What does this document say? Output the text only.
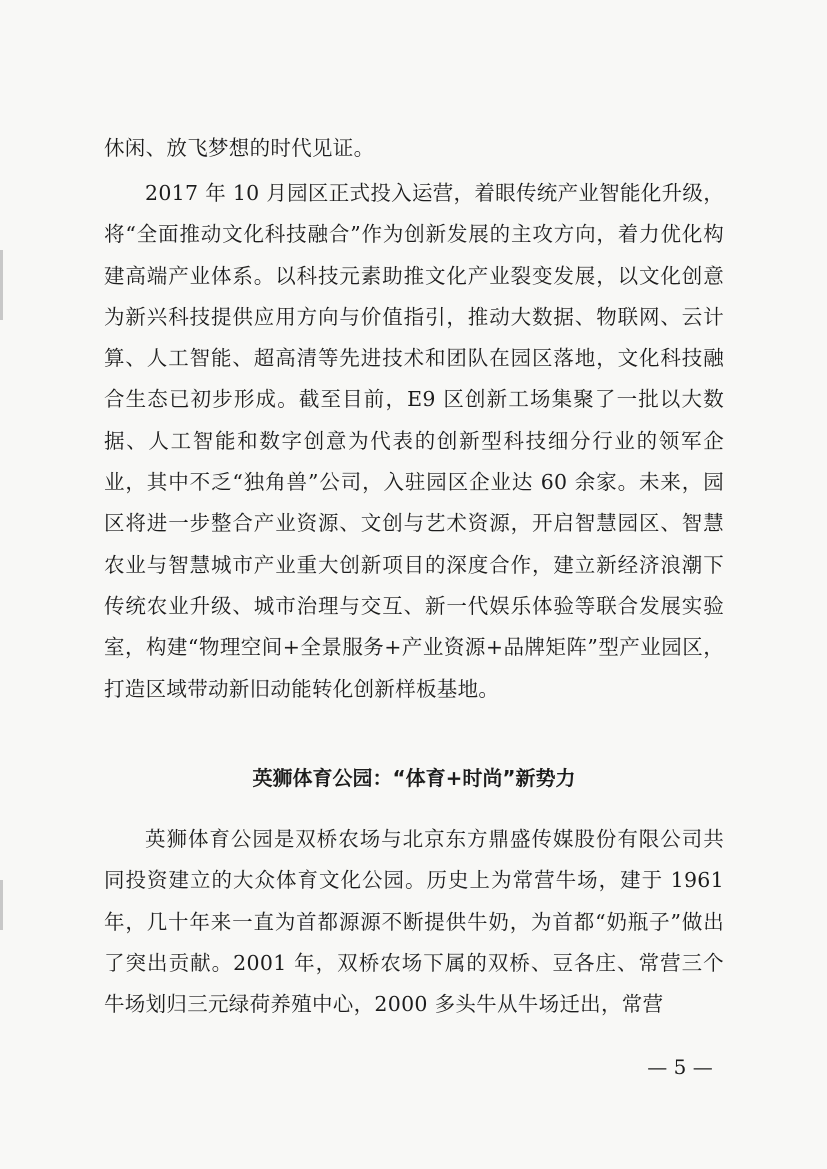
休闲、放飞梦想的时代见证。

2017 年 10 月园区正式投入运营，着眼传统产业智能化升级，将“全面推动文化科技融合”作为创新发展的主攻方向，着力优化构建高端产业体系。以科技元素助推文化产业裂变发展，以文化创意为新兴科技提供应用方向与价值指引，推动大数据、物联网、云计算、人工智能、超高清等先进技术和团队在园区落地，文化科技融合生态已初步形成。截至目前，E9 区创新工场集聚了一批以大数据、人工智能和数字创意为代表的创新型科技细分行业的领军企业，其中不乏“独角兽”公司，入驻园区企业达 60 余家。未来，园区将进一步整合产业资源、文创与艺术资源，开启智慧园区、智慧农业与智慧城市产业重大创新项目的深度合作，建立新经济浪潮下传统农业升级、城市治理与交互、新一代娱乐体验等联合发展实验室，构建“物理空间+全景服务+产业资源+品牌矩阵”型产业园区，打造区域带动新旧动能转化创新样板基地。

英狮体育公园：“体育+时尚”新势力

英狮体育公园是双桥农场与北京东方鼎盛传媒股份有限公司共同投资建立的大众体育文化公园。历史上为常营牛场，建于 1961 年，几十年来一直为首都源源不断提供牛奶，为首都“奶瓶子”做出了突出贡献。2001 年，双桥农场下属的双桥、豆各庄、常营三个牛场划归三元绿荷养殖中心，2000 多头牛从牛场迁出，常营

— 5 —
